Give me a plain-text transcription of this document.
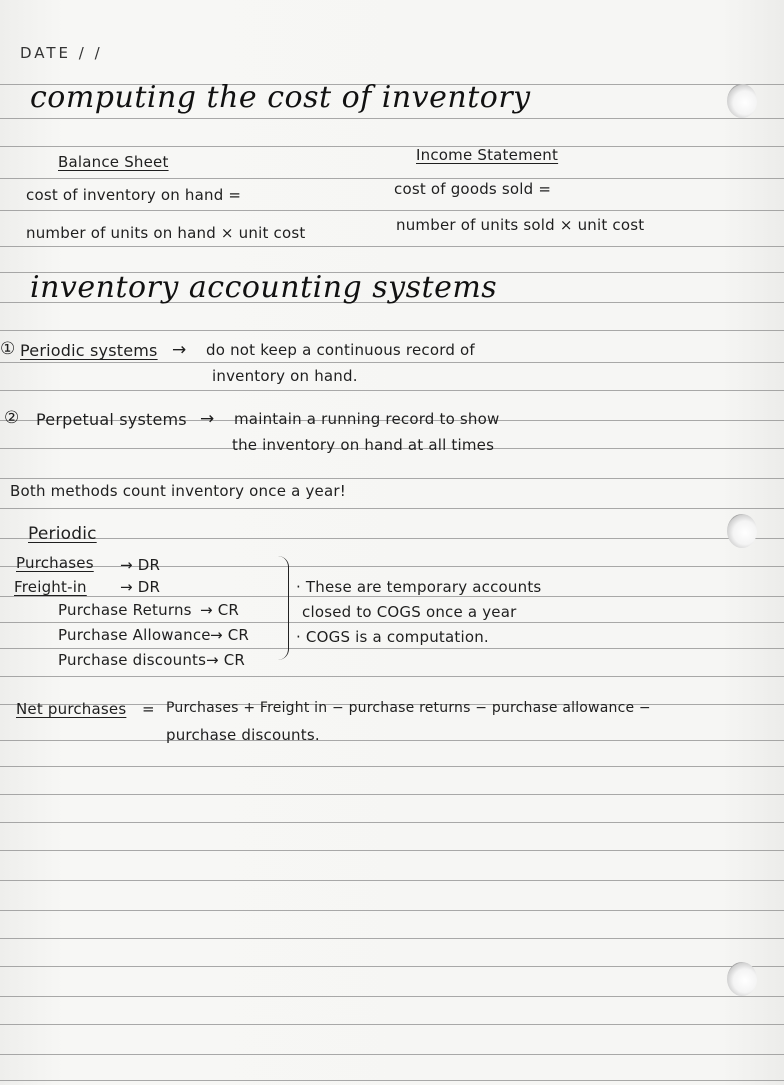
DATE / /
computing the cost of inventory
Balance Sheet
cost of inventory on hand =
number of units on hand × unit cost
Income Statement
cost of goods sold =
number of units sold × unit cost
inventory accounting systems
① Periodic systems → do not keep a continuous record of
inventory on hand.
② Perpetual systems → maintain a running record to show
the inventory on hand at all times
Both methods count inventory once a year!
Periodic
Purchases → DR
Freight-in → DR
Purchase Returns → CR
Purchase Allowance → CR
Purchase discounts → CR
· These are temporary accounts
closed to COGS once a year
· COGS is a computation.
Net purchases = Purchases + Freight in − purchase returns − purchase allowance −
purchase discounts.
